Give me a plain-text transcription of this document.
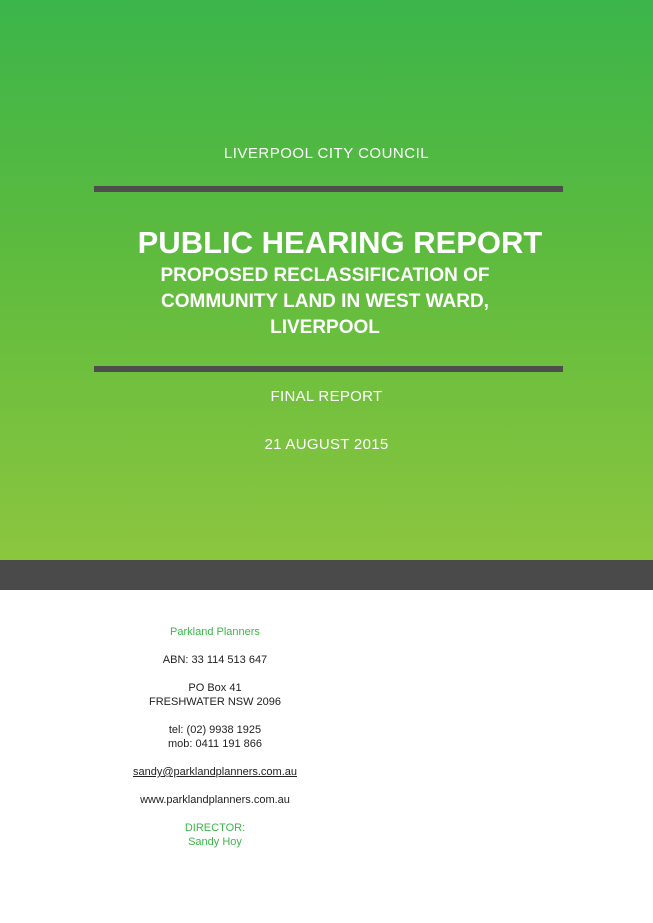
LIVERPOOL CITY COUNCIL
PUBLIC HEARING REPORT
PROPOSED RECLASSIFICATION OF
COMMUNITY LAND IN WEST WARD,
LIVERPOOL
FINAL REPORT
21 AUGUST 2015
Parkland Planners
ABN: 33 114 513 647
PO Box 41
FRESHWATER NSW 2096
tel: (02) 9938 1925
mob: 0411 191 866
sandy@parklandplanners.com.au
www.parklandplanners.com.au
DIRECTOR:
Sandy Hoy
